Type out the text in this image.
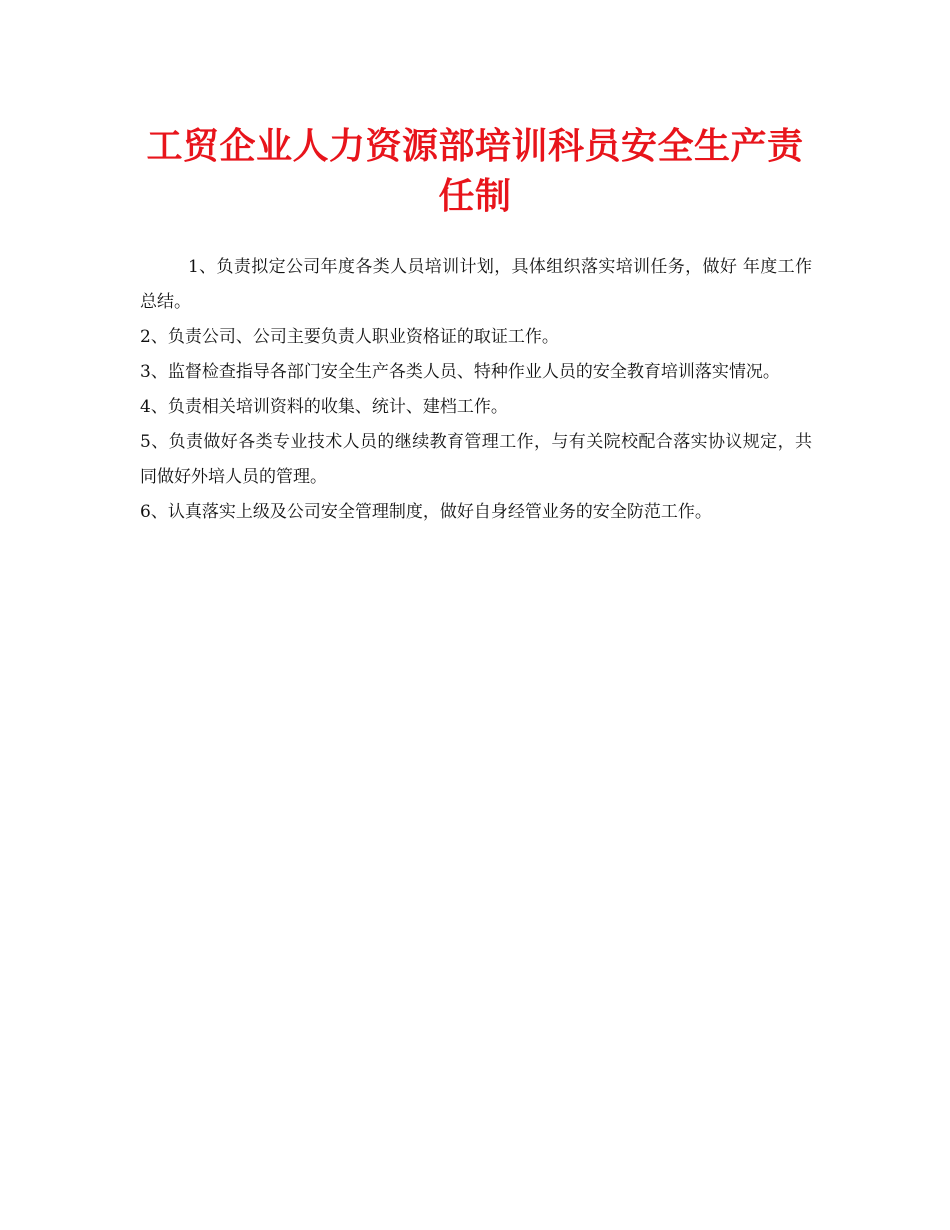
工贸企业人力资源部培训科员安全生产责任制

1、负责拟定公司年度各类人员培训计划，具体组织落实培训任务，做好 年度工作总结。

2、负责公司、公司主要负责人职业资格证的取证工作。

3、监督检查指导各部门安全生产各类人员、特种作业人员的安全教育培训落实情况。

4、负责相关培训资料的收集、统计、建档工作。

5、负责做好各类专业技术人员的继续教育管理工作，与有关院校配合落实协议规定，共同做好外培人员的管理。

6、认真落实上级及公司安全管理制度，做好自身经管业务的安全防范工作。
